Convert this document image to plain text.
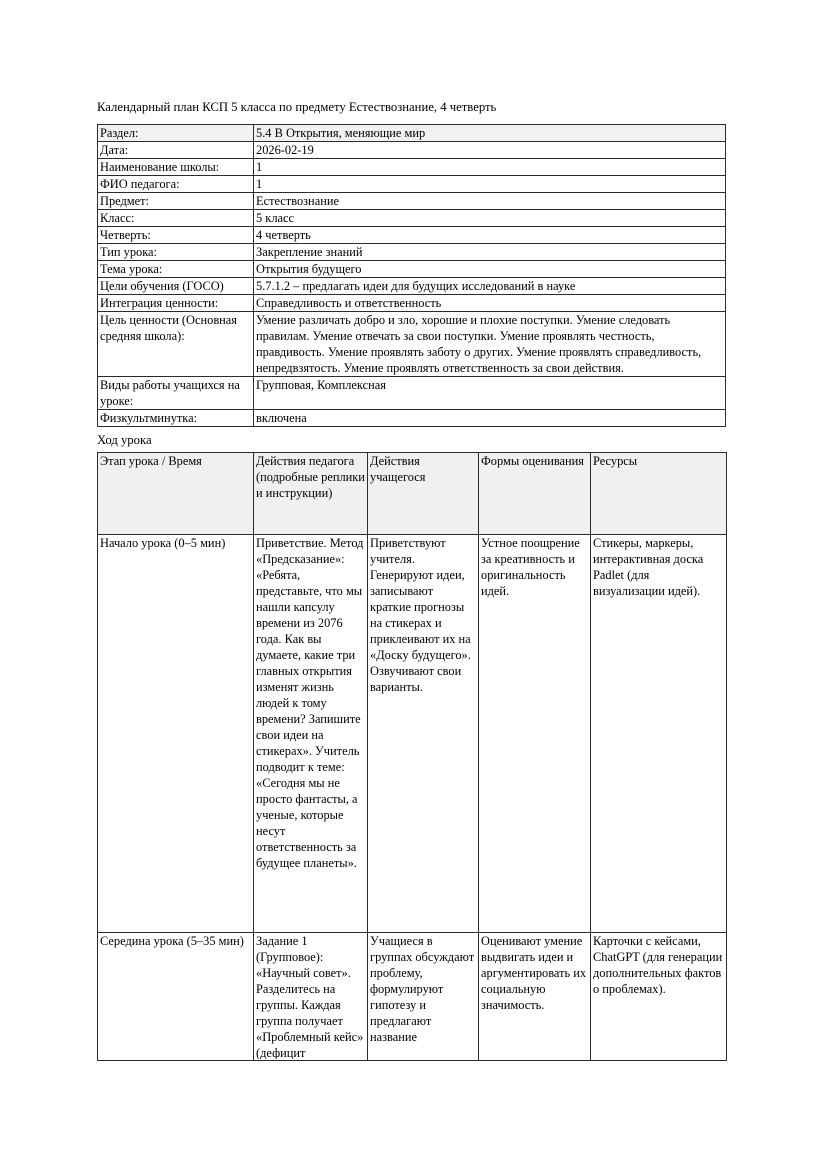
Календарный план КСП 5 класса по предмету Естествознание, 4 четверть

Раздел:	5.4 В Открытия, меняющие мир
Дата:	2026-02-19
Наименование школы:	1
ФИО педагога:	1
Предмет:	Естествознание
Класс:	5 класс
Четверть:	4 четверть
Тип урока:	Закрепление знаний
Тема урока:	Открытия будущего
Цели обучения (ГОСО)	5.7.1.2 – предлагать идеи для будущих исследований в науке
Интеграция ценности:	Справедливость и ответственность
Цель ценности (Основная средняя школа):	Умение различать добро и зло, хорошие и плохие поступки. Умение следовать правилам. Умение отвечать за свои поступки. Умение проявлять честность, правдивость. Умение проявлять заботу о других. Умение проявлять справедливость, непредвзятость. Умение проявлять ответственность за свои действия.
Виды работы учащихся на уроке:	Групповая, Комплексная
Физкультминутка:	включена

Ход урока

Этап урока / Время	Действия педагога (подробные реплики и инструкции)	Действия учащегося	Формы оценивания	Ресурсы
Начало урока (0–5 мин)	Приветствие. Метод «Предсказание»: «Ребята, представьте, что мы нашли капсулу времени из 2076 года. Как вы думаете, какие три главных открытия изменят жизнь людей к тому времени? Запишите свои идеи на стикерах». Учитель подводит к теме: «Сегодня мы не просто фантасты, а ученые, которые несут ответственность за будущее планеты».	Приветствуют учителя. Генерируют идеи, записывают краткие прогнозы на стикерах и приклеивают их на «Доску будущего». Озвучивают свои варианты.	Устное поощрение за креативность и оригинальность идей.	Стикеры, маркеры, интерактивная доска Padlet (для визуализации идей).

Середина урока (5–35 мин)	Задание 1 (Групповое): «Научный совет». Разделитесь на группы. Каждая группа получает «Проблемный кейс» (дефицит	Учащиеся в группах обсуждают проблему, формулируют гипотезу и предлагают название	Оценивают умение выдвигать идеи и аргументировать их социальную значимость.	Карточки с кейсами, ChatGPT (для генерации дополнительных фактов о проблемах).
